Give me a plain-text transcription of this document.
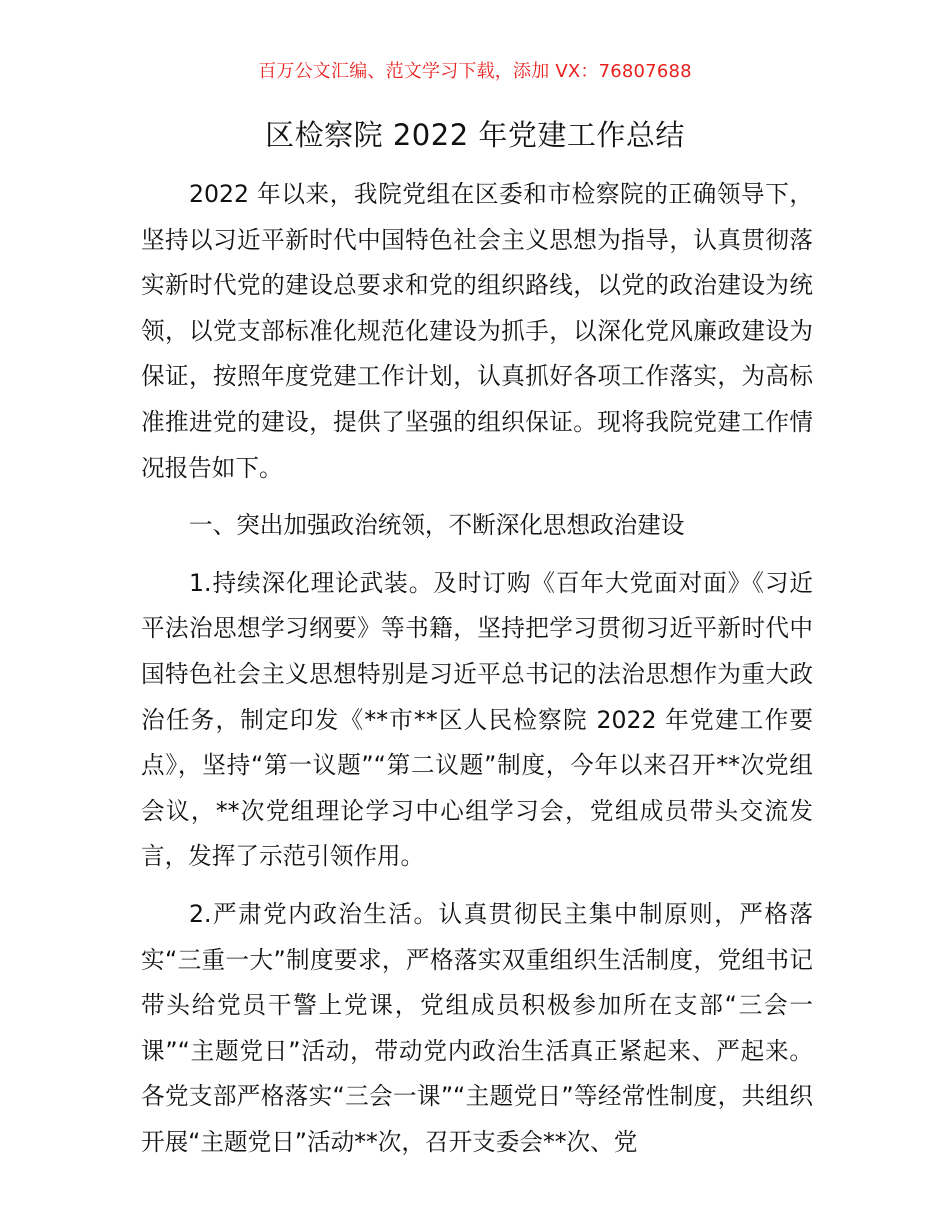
百万公文汇编、范文学习下载，添加 VX：76807688
区检察院 2022 年党建工作总结

2022 年以来，我院党组在区委和市检察院的正确领导下，坚持以习近平新时代中国特色社会主义思想为指导，认真贯彻落实新时代党的建设总要求和党的组织路线，以党的政治建设为统领，以党支部标准化规范化建设为抓手，以深化党风廉政建设为保证，按照年度党建工作计划，认真抓好各项工作落实，为高标准推进党的建设，提供了坚强的组织保证。现将我院党建工作情况报告如下。

一、突出加强政治统领，不断深化思想政治建设

1.持续深化理论武装。及时订购《百年大党面对面》《习近平法治思想学习纲要》等书籍，坚持把学习贯彻习近平新时代中国特色社会主义思想特别是习近平总书记的法治思想作为重大政治任务，制定印发《**市**区人民检察院 2022 年党建工作要点》，坚持“第一议题”“第二议题”制度，今年以来召开**次党组会议，**次党组理论学习中心组学习会，党组成员带头交流发言，发挥了示范引领作用。

2.严肃党内政治生活。认真贯彻民主集中制原则，严格落实“三重一大”制度要求，严格落实双重组织生活制度，党组书记带头给党员干警上党课，党组成员积极参加所在支部“三会一课”“主题党日”活动，带动党内政治生活真正紧起来、严起来。各党支部严格落实“三会一课”“主题党日”等经常性制度，共组织开展“主题党日”活动**次，召开支委会**次、党
